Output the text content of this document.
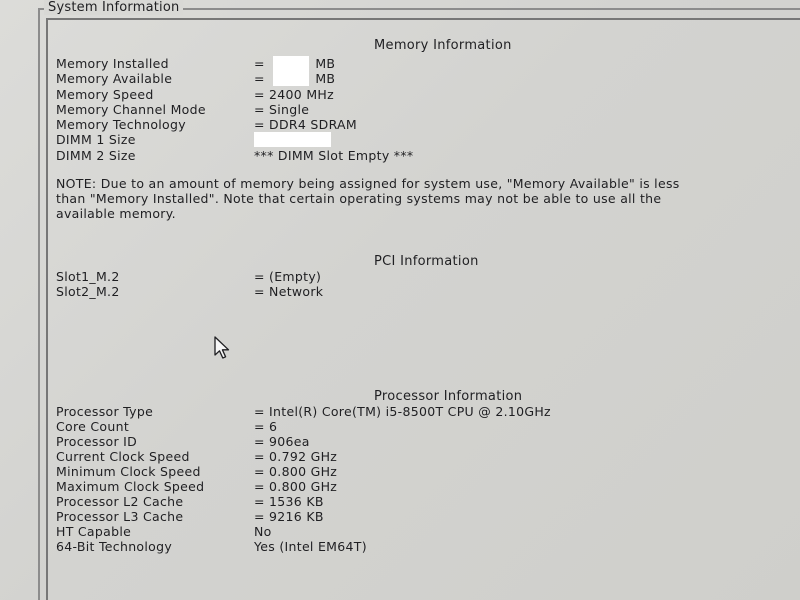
System Information
Memory Information
Memory Installed	=	MB
Memory Available	=	MB
Memory Speed	= 2400 MHz
Memory Channel Mode	= Single
Memory Technology	= DDR4 SDRAM
DIMM 1 Size
DIMM 2 Size	*** DIMM Slot Empty ***
NOTE: Due to an amount of memory being assigned for system use, "Memory Available" is less
than "Memory Installed". Note that certain operating systems may not be able to use all the
available memory.
PCI Information
Slot1_M.2	= (Empty)
Slot2_M.2	= Network
Processor Information
Processor Type	= Intel(R) Core(TM) i5-8500T CPU @ 2.10GHz
Core Count	= 6
Processor ID	= 906ea
Current Clock Speed	= 0.792 GHz
Minimum Clock Speed	= 0.800 GHz
Maximum Clock Speed	= 0.800 GHz
Processor L2 Cache	= 1536 KB
Processor L3 Cache	= 9216 KB
HT Capable	No
64-Bit Technology	Yes (Intel EM64T)
